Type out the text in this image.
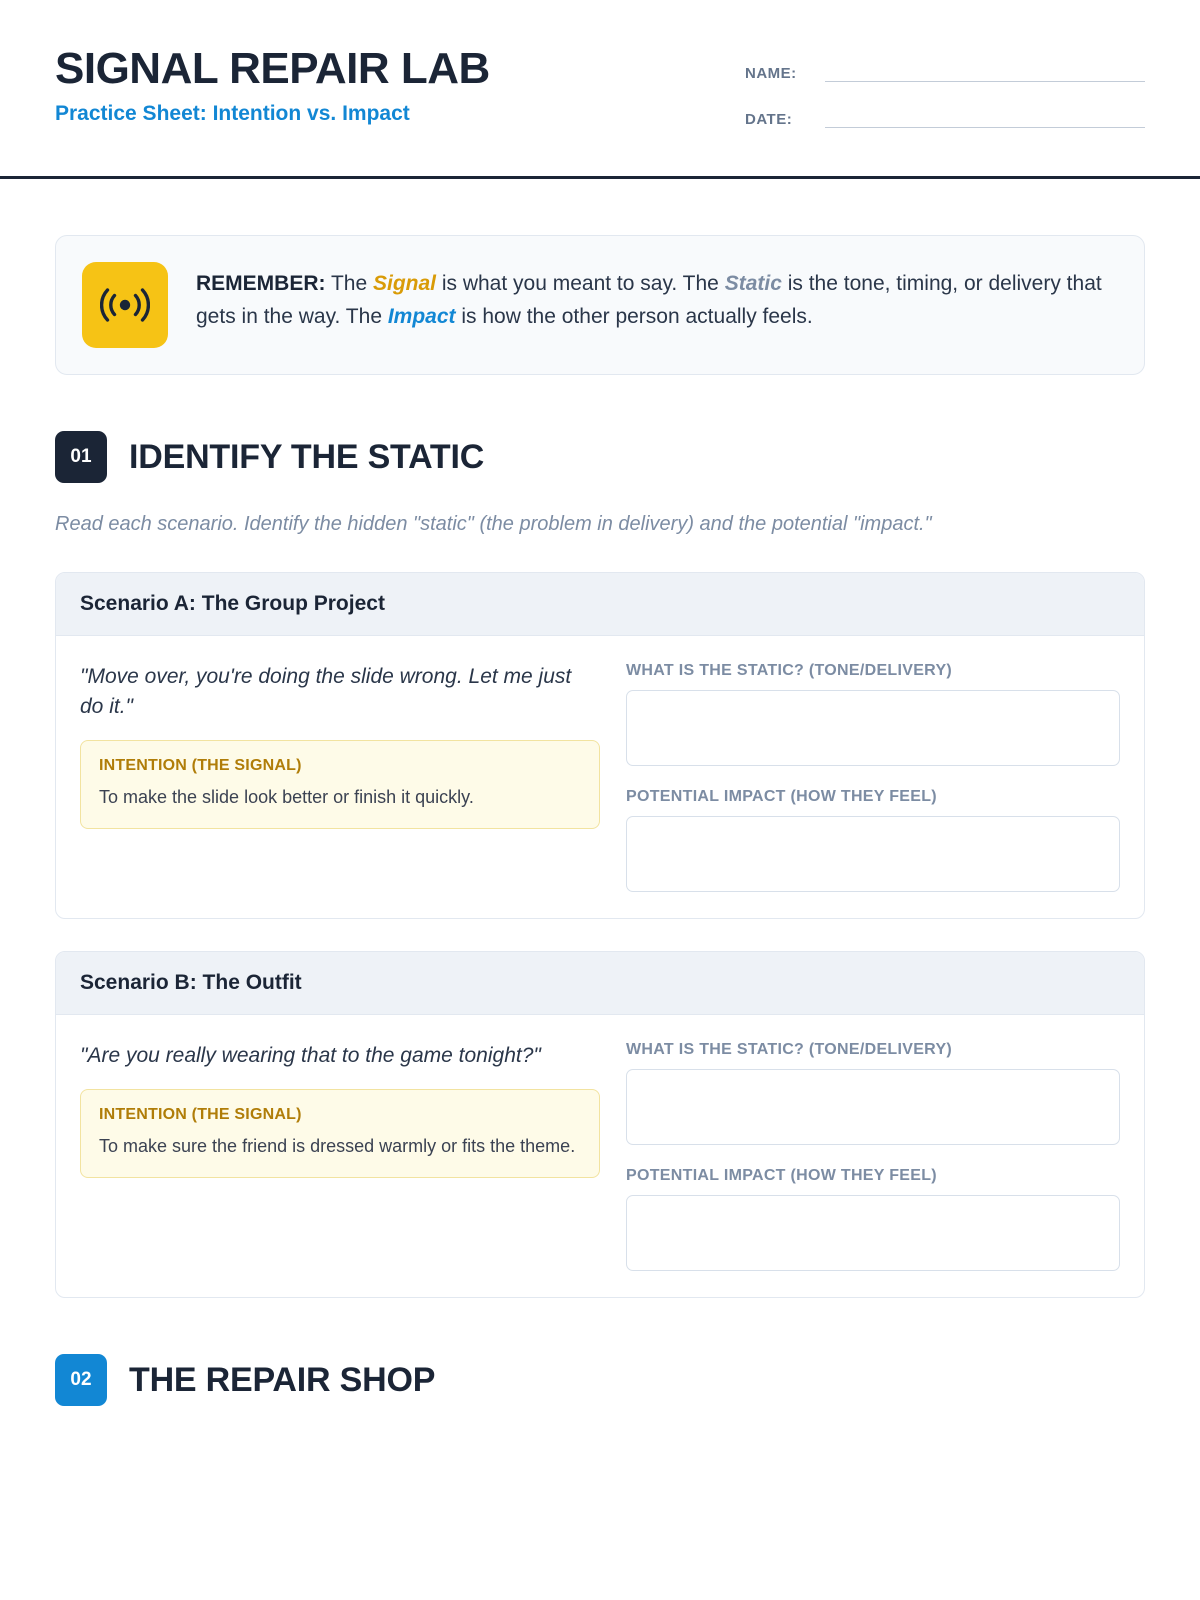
SIGNAL REPAIR LAB
Practice Sheet: Intention vs. Impact
NAME:
DATE:
REMEMBER: The Signal is what you meant to say. The Static is the tone, timing, or delivery that gets in the way. The Impact is how the other person actually feels.
01	IDENTIFY THE STATIC
Read each scenario. Identify the hidden "static" (the problem in delivery) and the potential "impact."
Scenario A: The Group Project
"Move over, you're doing the slide wrong. Let me just do it."
INTENTION (THE SIGNAL)
To make the slide look better or finish it quickly.
WHAT IS THE STATIC? (TONE/DELIVERY)
POTENTIAL IMPACT (HOW THEY FEEL)
Scenario B: The Outfit
"Are you really wearing that to the game tonight?"
INTENTION (THE SIGNAL)
To make sure the friend is dressed warmly or fits the theme.
WHAT IS THE STATIC? (TONE/DELIVERY)
POTENTIAL IMPACT (HOW THEY FEEL)
02	THE REPAIR SHOP
